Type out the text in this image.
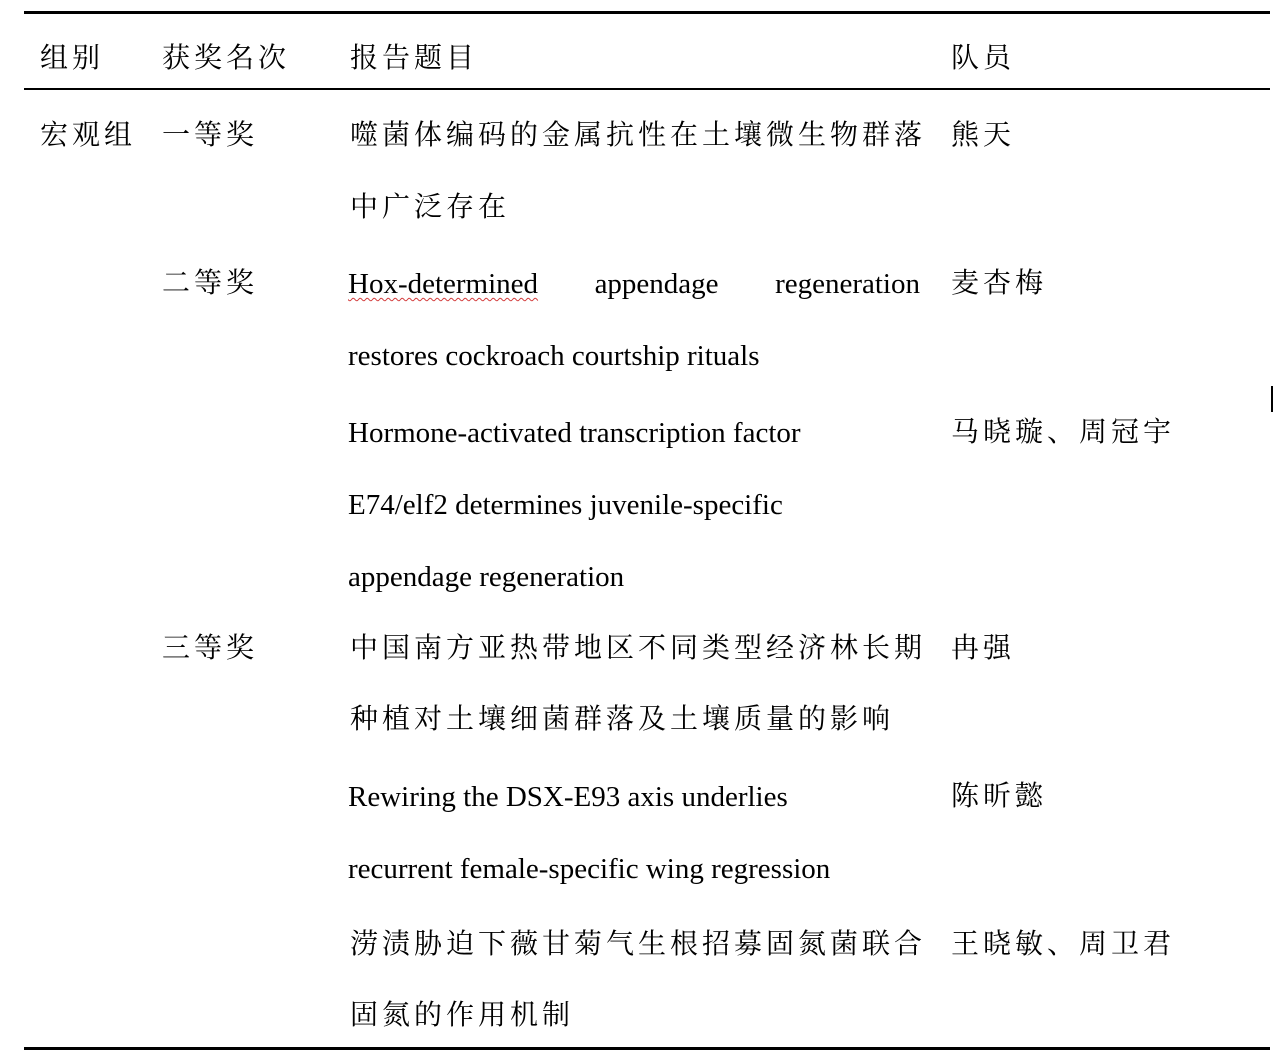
组别 获奖名次 报告题目	队员
宏观组 一等奖
二等奖
三等奖
噬菌体编码的金属抗性在土壤微生物群落
中广泛存在
熊天
Hox-determined appendage regeneration
restores cockroach courtship rituals
麦杏梅
Hormone-activated transcription factor
E74/elf2 determines juvenile-specific
appendage regeneration
马晓璇、周冠宇
中国南方亚热带地区不同类型经济林长期
种植对土壤细菌群落及土壤质量的影响
冉强
Rewiring the DSX-E93 axis underlies
recurrent female-specific wing regression
陈昕懿
涝渍胁迫下薇甘菊气生根招募固氮菌联合
固氮的作用机制
王晓敏、周卫君
